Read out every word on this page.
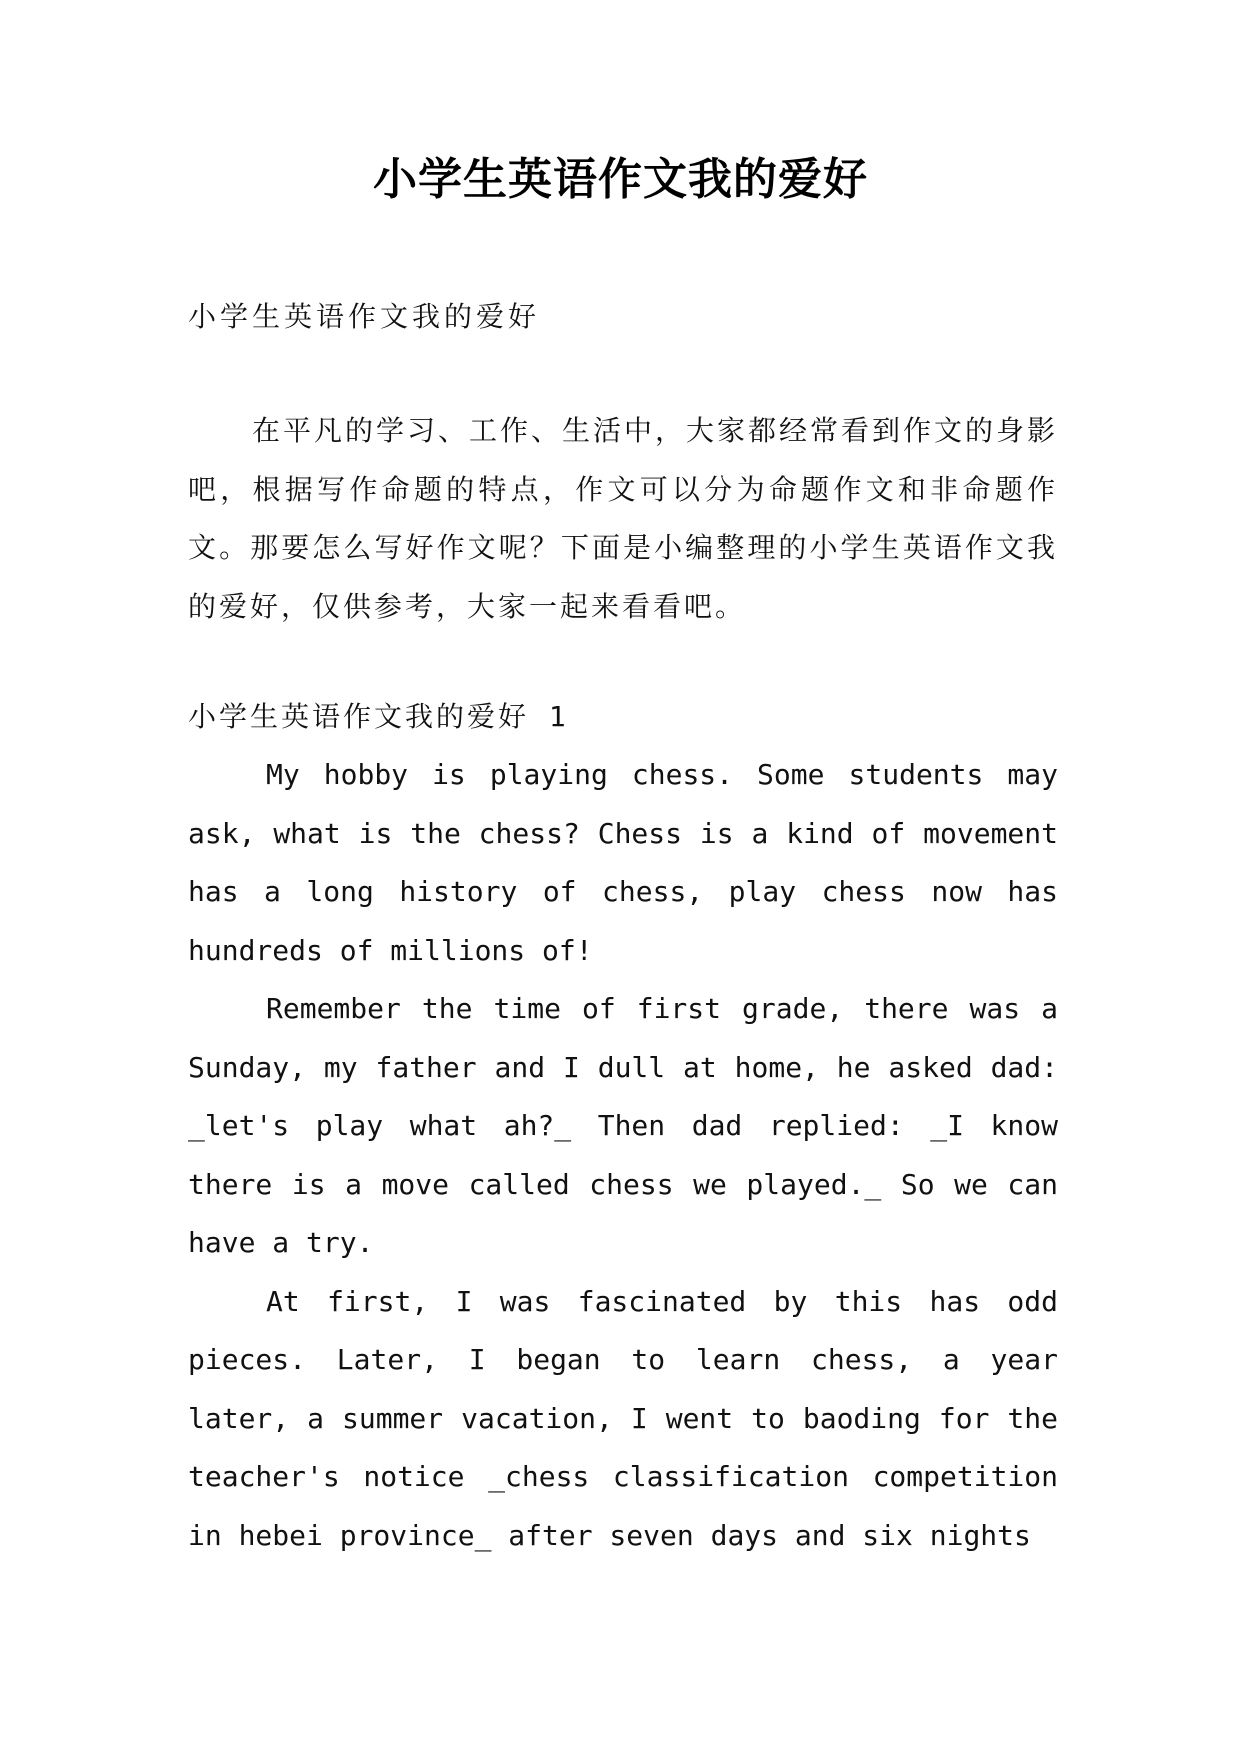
小学生英语作文我的爱好

小学生英语作文我的爱好

在平凡的学习、工作、生活中，大家都经常看到作文的身影吧，根据写作命题的特点，作文可以分为命题作文和非命题作文。那要怎么写好作文呢？下面是小编整理的小学生英语作文我的爱好，仅供参考，大家一起来看看吧。

小学生英语作文我的爱好 1

My hobby is playing chess. Some students may ask, what is the chess? Chess is a kind of movement has a long history of chess, play chess now has hundreds of millions of!

Remember the time of first grade, there was a Sunday, my father and I dull at home, he asked dad: _let's play what ah?_ Then dad replied: _I know there is a move called chess we played._ So we can have a try.

At first, I was fascinated by this has odd pieces. Later, I began to learn chess, a year later, a summer vacation, I went to baoding for the teacher's notice _chess classification competition in hebei province_ after seven days and six nights
